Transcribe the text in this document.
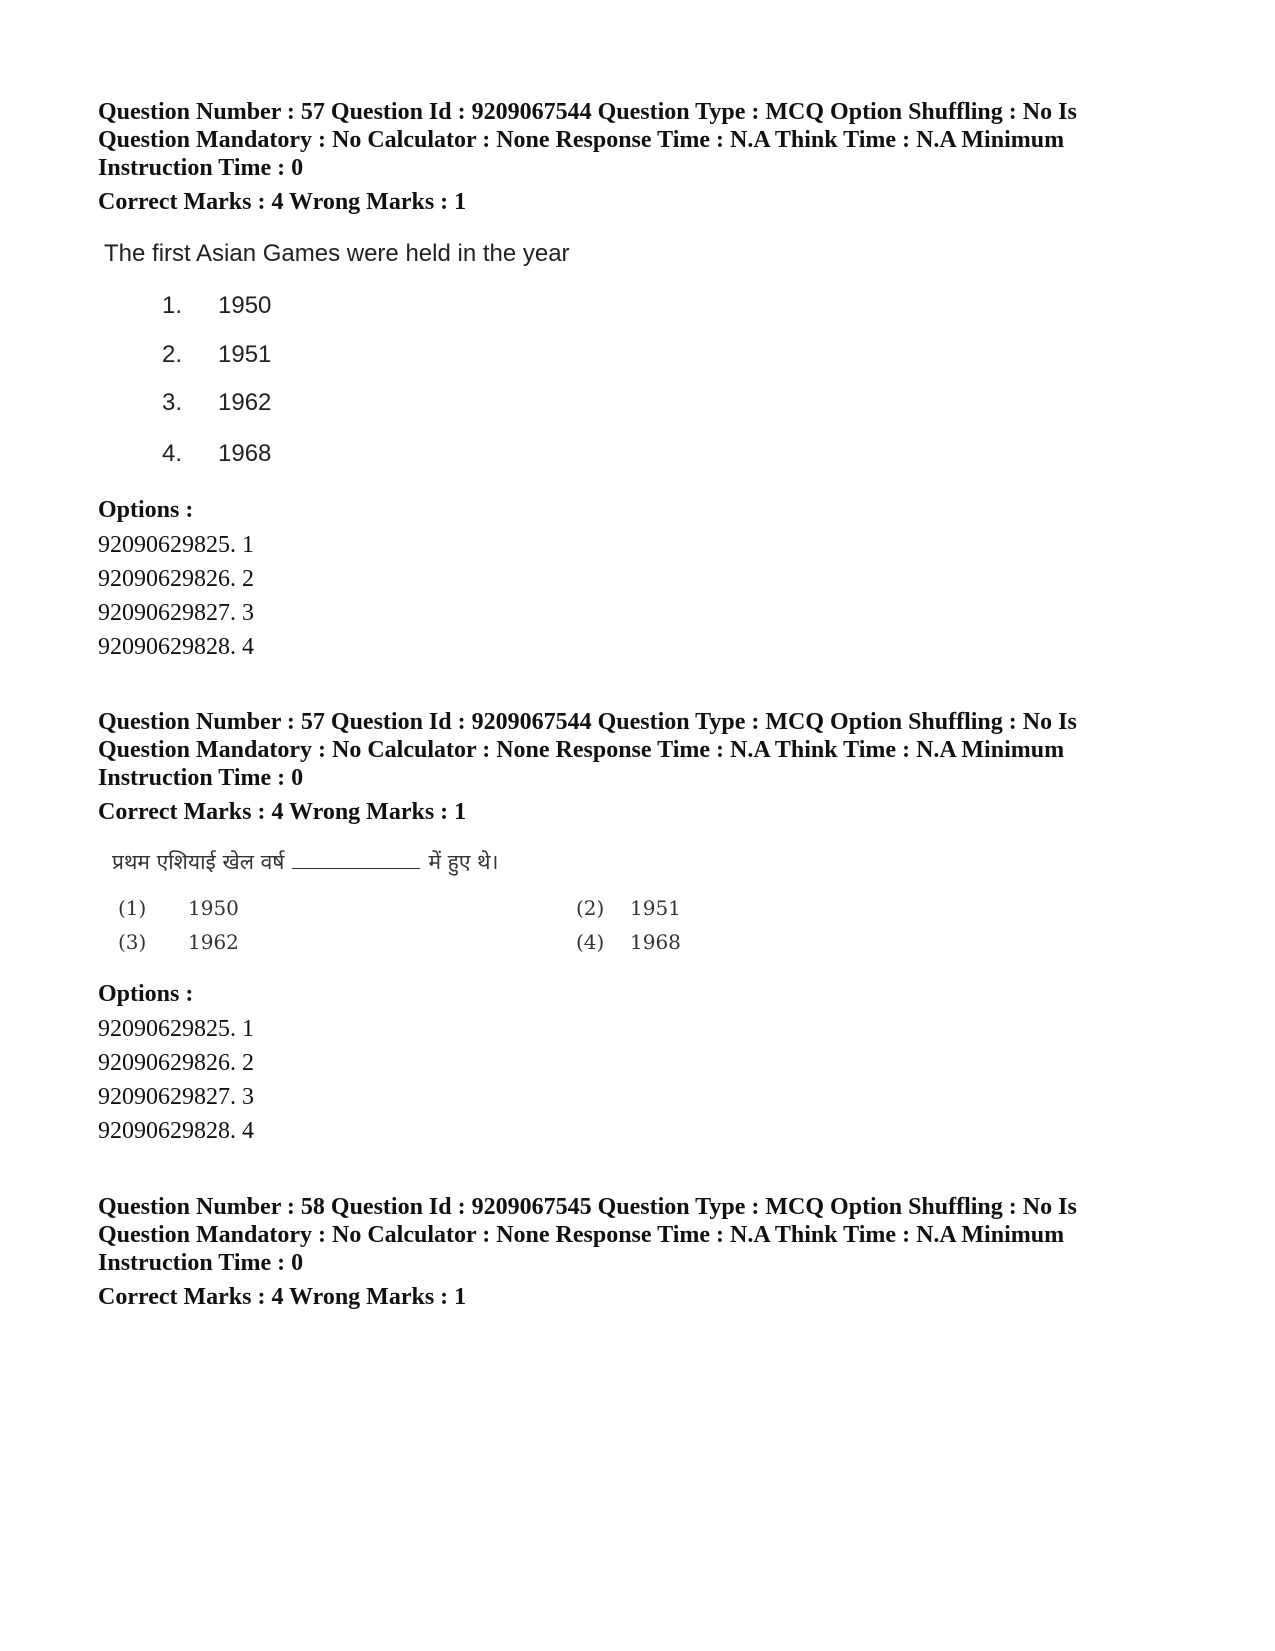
Question Number : 57 Question Id : 9209067544 Question Type : MCQ Option Shuffling : No Is

Question Mandatory : No Calculator : None Response Time : N.A Think Time : N.A Minimum

Instruction Time : 0

Correct Marks : 4 Wrong Marks : 1

The first Asian Games were held in the year
1. 1950
2. 1951
3. 1962
4. 1968

Options :

92090629825. 1

92090629826. 2

92090629827. 3

92090629828. 4

Question Number : 57 Question Id : 9209067544 Question Type : MCQ Option Shuffling : No Is

Question Mandatory : No Calculator : None Response Time : N.A Think Time : N.A Minimum

Instruction Time : 0

Correct Marks : 4 Wrong Marks : 1

प्रथम एशियाई खेल वर्ष	में हुए थे।
(1) 1950	(2) 1951
(3) 1962	(4) 1968

Options :

92090629825. 1

92090629826. 2

92090629827. 3

92090629828. 4

Question Number : 58 Question Id : 9209067545 Question Type : MCQ Option Shuffling : No Is

Question Mandatory : No Calculator : None Response Time : N.A Think Time : N.A Minimum

Instruction Time : 0

Correct Marks : 4 Wrong Marks : 1
